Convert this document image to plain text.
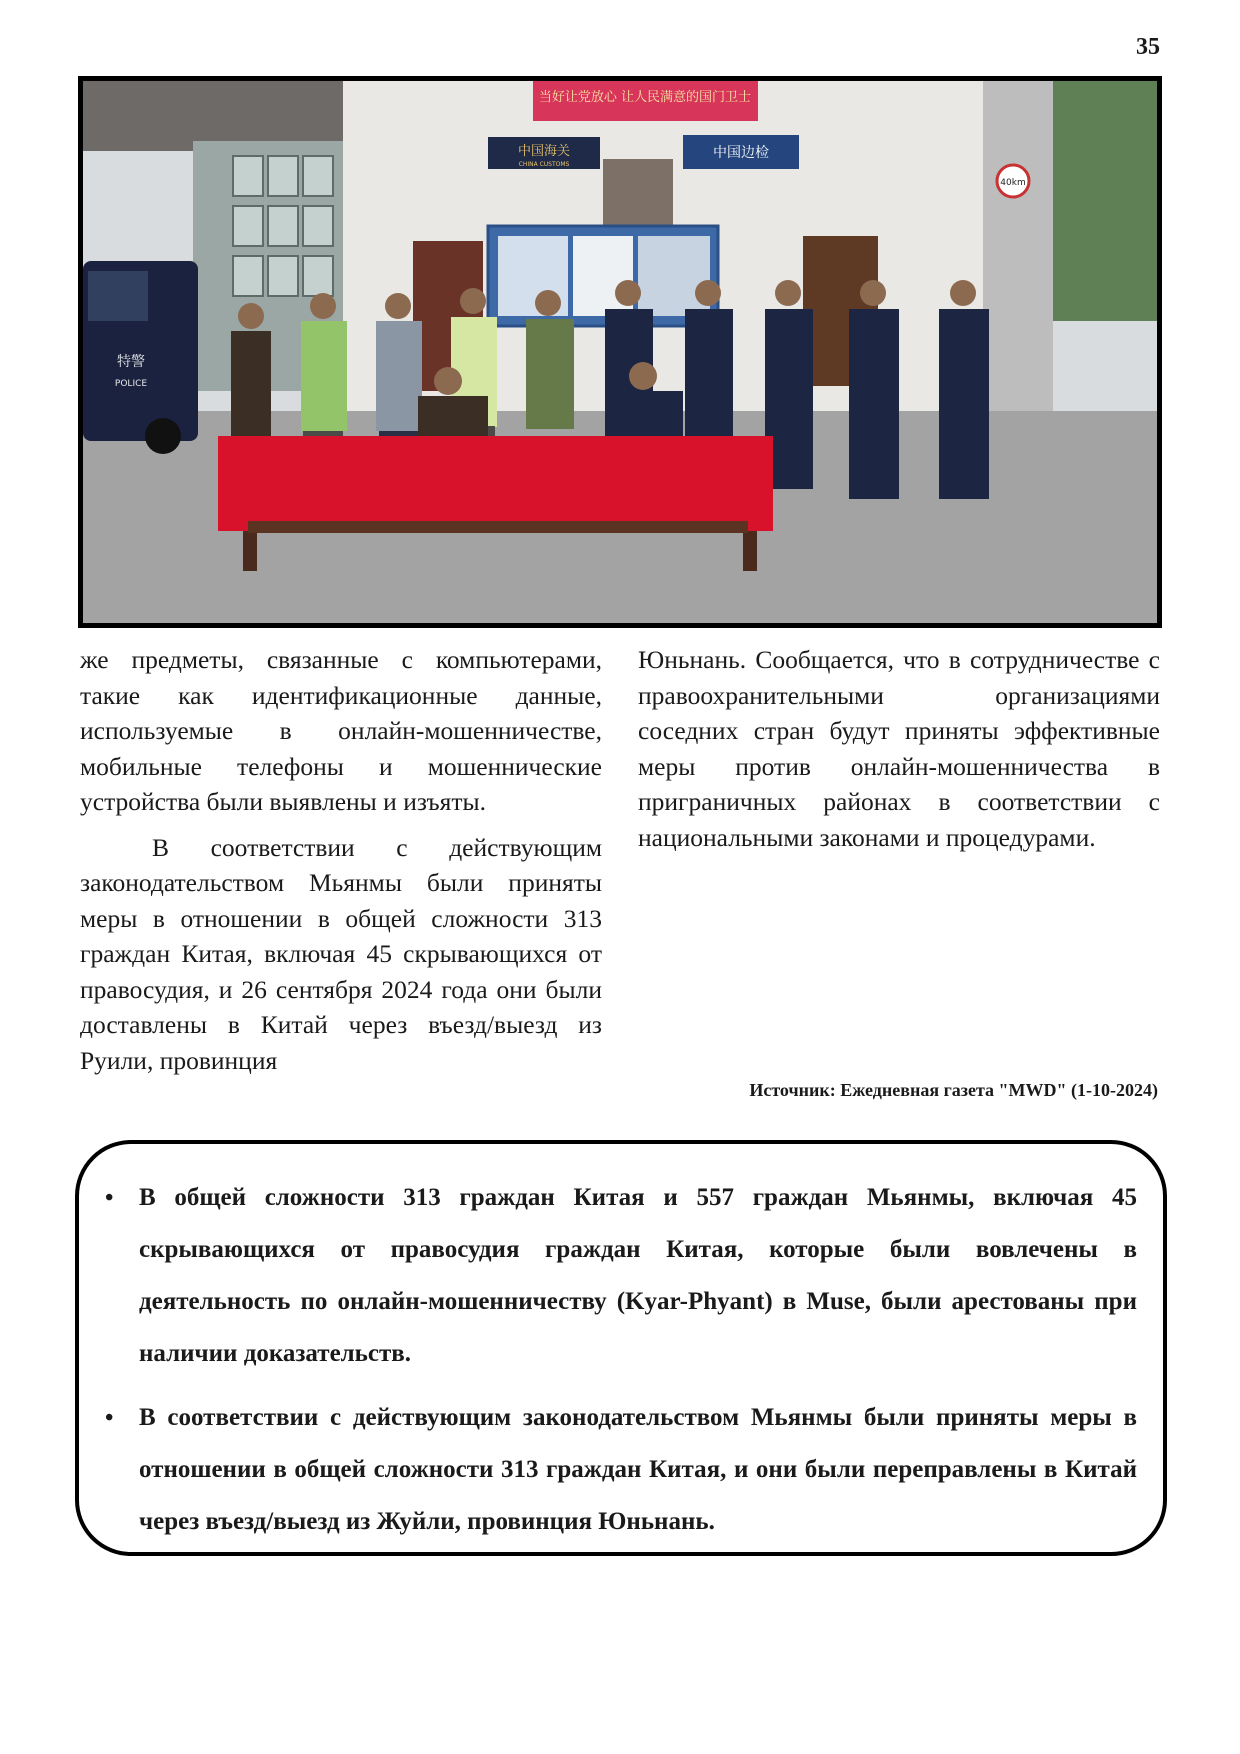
35
当好让党放心 让人民满意的国门卫士
中国海关
CHINA CUSTOMS
中国边检
40km
特警
POLICE

же предметы, связанные с компьютерами, такие как идентификационные данные, используемые в онлайн-мошенничестве, мобильные телефоны и мошеннические устройства были выявлены и изъяты.

В соответствии с действующим законодательством Мьянмы были приняты меры в отношении в общей сложности 313 граждан Китая, включая 45 скрывающихся от правосудия, и 26 сентября 2024 года они были доставлены в Китай через въезд/выезд из Руили, провинция

Юньнань. Сообщается, что в сотрудничестве с правоохранительными организациями соседних стран будут приняты эффективные меры против онлайн-мошенничества в приграничных районах в соответствии с национальными законами и процедурами.

Источник: Ежедневная газета "MWD" (1-10-2024)
• В общей сложности 313 граждан Китая и 557 граждан Мьянмы, включая 45 скрывающихся от правосудия граждан Китая, которые были вовлечены в деятельность по онлайн-мошенничеству (Kyar-Phyant) в Muse, были арестованы при наличии доказательств.
• В соответствии с действующим законодательством Мьянмы были приняты меры в отношении в общей сложности 313 граждан Китая, и они были переправлены в Китай через въезд/выезд из Жуйли, провинция Юньнань.
